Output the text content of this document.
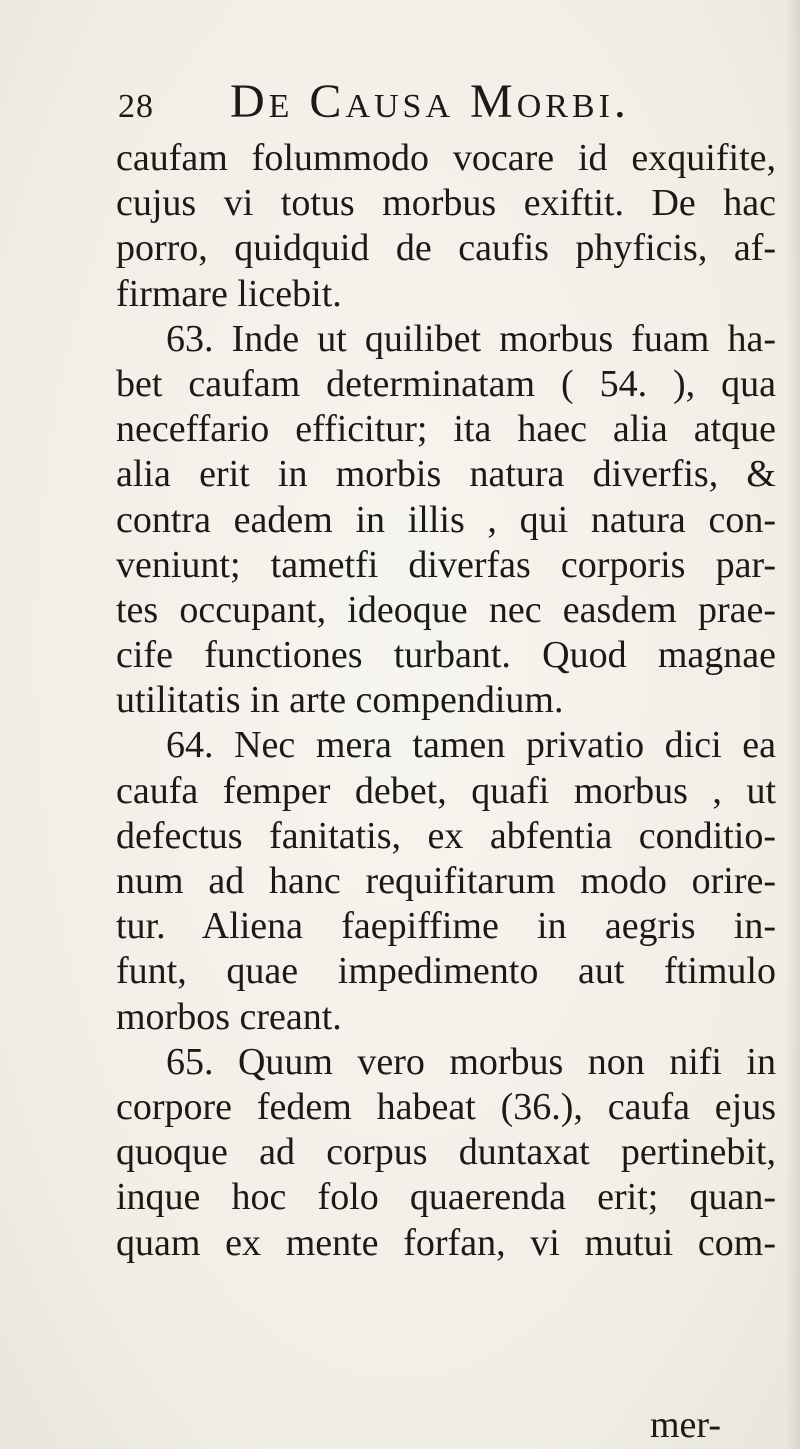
28 De Causa Morbi.
caufam folummodo vocare id exquifite,
cujus vi totus morbus exiftit. De hac
porro, quidquid de caufis phyficis, af-
firmare licebit.
63. Inde ut quilibet morbus fuam ha-
bet caufam determinatam ( 54. ), qua
neceffario efficitur; ita haec alia atque
alia erit in morbis natura diverfis, &
contra eadem in illis , qui natura con-
veniunt; tametfi diverfas corporis par-
tes occupant, ideoque nec easdem prae-
cife functiones turbant. Quod magnae
utilitatis in arte compendium.
64. Nec mera tamen privatio dici ea
caufa femper debet, quafi morbus , ut
defectus fanitatis, ex abfentia conditio-
num ad hanc requifitarum modo orire-
tur. Aliena faepiffime in aegris in-
funt, quae impedimento aut ftimulo
morbos creant.
65. Quum vero morbus non nifi in
corpore fedem habeat (36.), caufa ejus
quoque ad corpus duntaxat pertinebit,
inque hoc folo quaerenda erit; quan-
quam ex mente forfan, vi mutui com-
mer-
